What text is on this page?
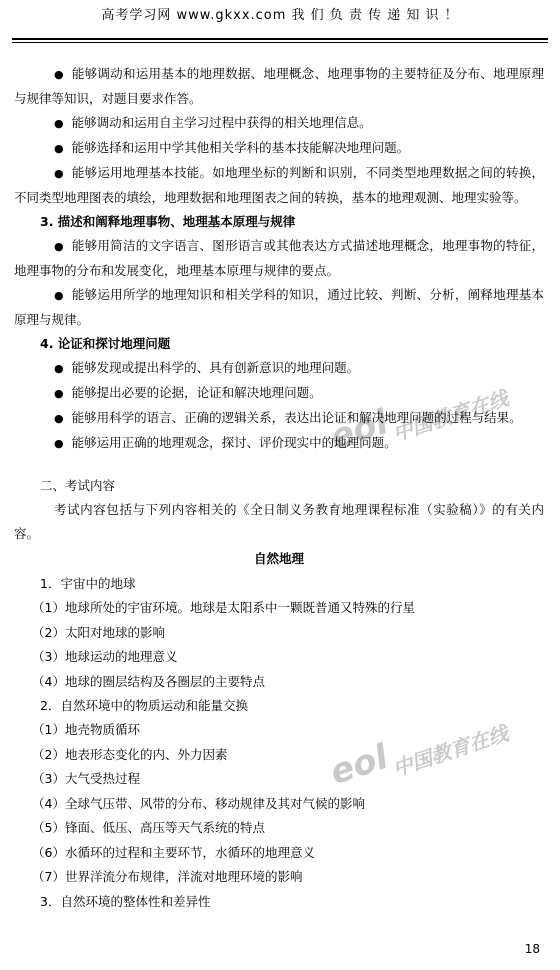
高考学习网 www.gkxx.com 我 们 负 责 传 递 知 识 ！
eol
中国教育在线
eol
中国教育在线
● 能够调动和运用基本的地理数据、地理概念、地理事物的主要特征及分布、地理原理与规律等知识，对题目要求作答。
● 能够调动和运用自主学习过程中获得的相关地理信息。
● 能够选择和运用中学其他相关学科的基本技能解决地理问题。
● 能够运用地理基本技能。如地理坐标的判断和识别，不同类型地理数据之间的转换，不同类型地理图表的填绘，地理数据和地理图表之间的转换，基本的地理观测、地理实验等。
3. 描述和阐释地理事物、地理基本原理与规律
● 能够用简洁的文字语言、图形语言或其他表达方式描述地理概念，地理事物的特征，地理事物的分布和发展变化，地理基本原理与规律的要点。
● 能够运用所学的地理知识和相关学科的知识，通过比较、判断、分析，阐释地理基本原理与规律。
4. 论证和探讨地理问题
● 能够发现或提出科学的、具有创新意识的地理问题。
● 能够提出必要的论据，论证和解决地理问题。
● 能够用科学的语言、正确的逻辑关系，表达出论证和解决地理问题的过程与结果。
● 能够运用正确的地理观念，探讨、评价现实中的地理问题。
二、考试内容
考试内容包括与下列内容相关的《全日制义务教育地理课程标准（实验稿）》的有关内容。
自然地理
1．宇宙中的地球
（1）地球所处的宇宙环境。地球是太阳系中一颗既普通又特殊的行星
（2）太阳对地球的影响
（3）地球运动的地理意义
（4）地球的圈层结构及各圈层的主要特点
2．自然环境中的物质运动和能量交换
（1）地壳物质循环
（2）地表形态变化的内、外力因素
（3）大气受热过程
（4）全球气压带、风带的分布、移动规律及其对气候的影响
（5）锋面、低压、高压等天气系统的特点
（6）水循环的过程和主要环节，水循环的地理意义
（7）世界洋流分布规律，洋流对地理环境的影响
3．自然环境的整体性和差异性
18
